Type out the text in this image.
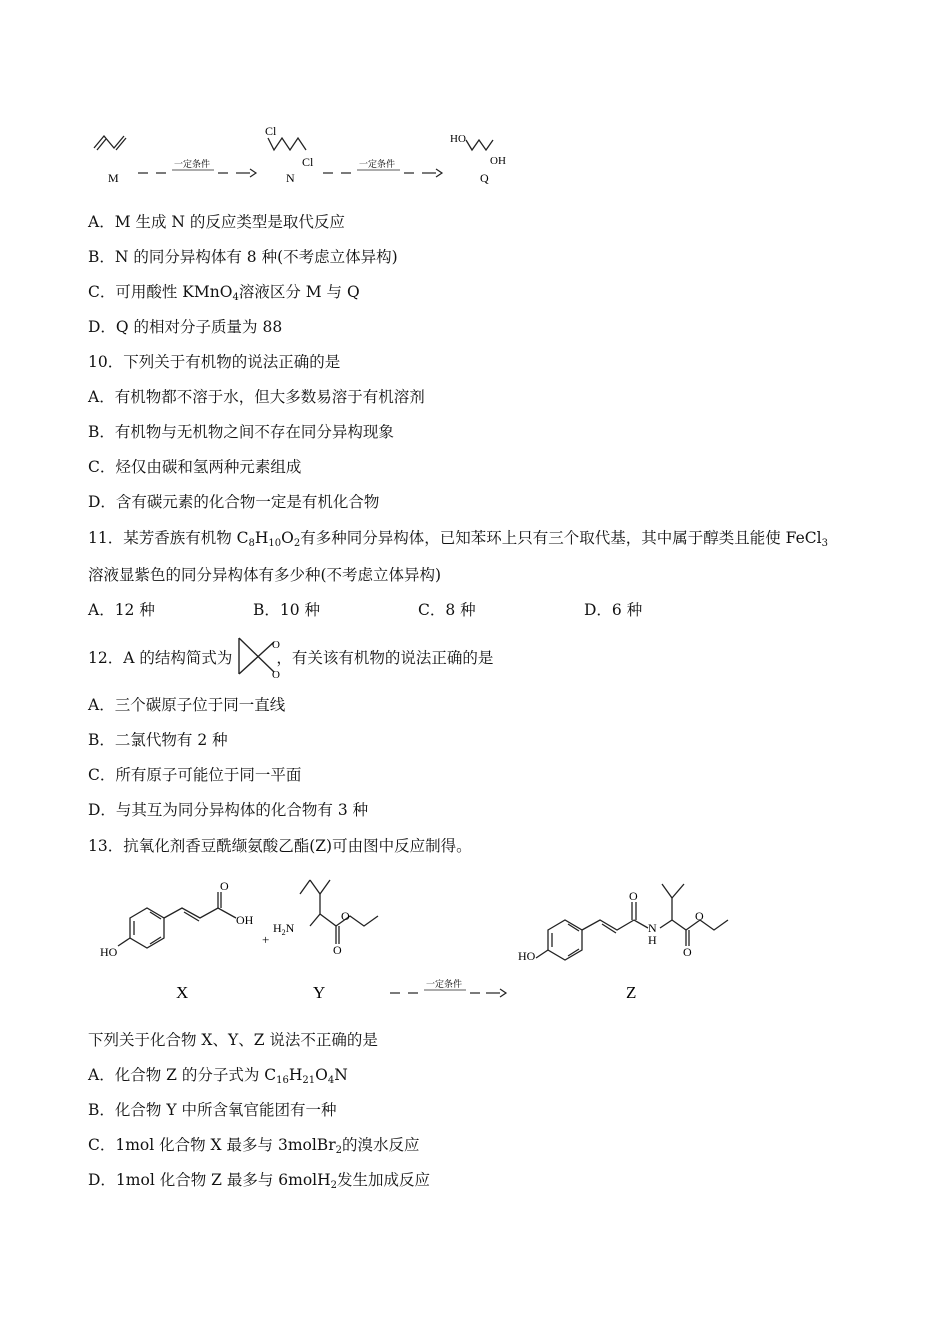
M
Cl
Cl
N
HO
OH
Q
一定条件	一定条件
A．M 生成 N 的反应类型是取代反应
B．N 的同分异构体有 8 种(不考虑立体异构)
C．可用酸性 KMnO$_4$溶液区分 M 与 Q
D．Q 的相对分子质量为 88
10．下列关于有机物的说法正确的是
A．有机物都不溶于水，但大多数易溶于有机溶剂
B．有机物与无机物之间不存在同分异构现象
C．烃仅由碳和氢两种元素组成
D．含有碳元素的化合物一定是有机化合物
11．某芳香族有机物 $C_8H_{10}O_2$有多种同分异构体，已知苯环上只有三个取代基，其中属于醇类且能使 FeCl$_3$
溶液显紫色的同分异构体有多少种(不考虑立体异构)
A．12 种	B．10 种	C．8 种	D．6 种
12．A 的结构简式为	，有关该有机物的说法正确的是
O
O
A．三个碳原子位于同一直线
B．二氯代物有 2 种
C．所有原子可能位于同一平面
D．与其互为同分异构体的化合物有 3 种
13．抗氧化剂香豆酰缬氨酸乙酯(Z)可由图中反应制得。
O
OH
HO
X
+
$H_2N$
O
O
Y
O
N
H
O
O
HO
Z
一定条件
下列关于化合物 X、Y、Z 说法不正确的是
A．化合物 Z 的分子式为 $C_{16}H_{21}O_4N$
B．化合物 Y 中所含氧官能团有一种
C．1mol 化合物 X 最多与 3molBr$_2$的溴水反应
D．1mol 化合物 Z 最多与 6molH$_2$发生加成反应
